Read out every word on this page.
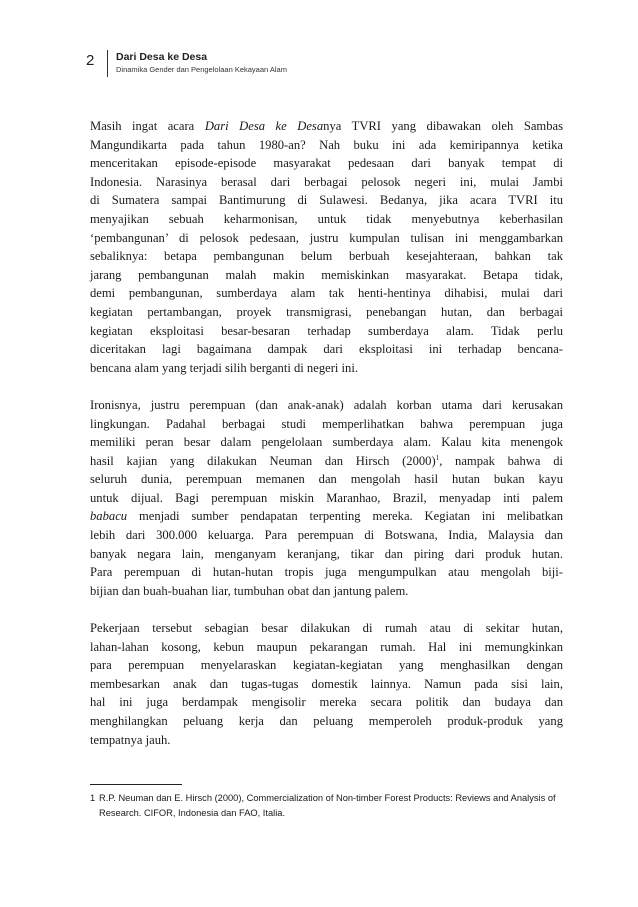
2 Dari Desa ke Desa
Dinamika Gender dan Pengelolaan Kekayaan Alam

Masih ingat acara Dari Desa ke Desanya TVRI yang dibawakan oleh Sambas
Mangundikarta pada tahun 1980-an? Nah buku ini ada kemiripannya ketika
menceritakan episode-episode masyarakat pedesaan dari banyak tempat di
Indonesia. Narasinya berasal dari berbagai pelosok negeri ini, mulai Jambi
di Sumatera sampai Bantimurung di Sulawesi. Bedanya, jika acara TVRI itu
menyajikan sebuah keharmonisan, untuk tidak menyebutnya keberhasilan
‘pembangunan’ di pelosok pedesaan, justru kumpulan tulisan ini menggambarkan
sebaliknya: betapa pembangunan belum berbuah kesejahteraan, bahkan tak
jarang pembangunan malah makin memiskinkan masyarakat. Betapa tidak,
demi pembangunan, sumberdaya alam tak henti-hentinya dihabisi, mulai dari
kegiatan pertambangan, proyek transmigrasi, penebangan hutan, dan berbagai
kegiatan eksploitasi besar-besaran terhadap sumberdaya alam. Tidak perlu
diceritakan lagi bagaimana dampak dari eksploitasi ini terhadap bencana-
bencana alam yang terjadi silih berganti di negeri ini.

Ironisnya, justru perempuan (dan anak-anak) adalah korban utama dari kerusakan
lingkungan. Padahal berbagai studi memperlihatkan bahwa perempuan juga
memiliki peran besar dalam pengelolaan sumberdaya alam. Kalau kita menengok
hasil kajian yang dilakukan Neuman dan Hirsch $(2000)^1$, nampak bahwa di
seluruh dunia, perempuan memanen dan mengolah hasil hutan bukan kayu
untuk dijual. Bagi perempuan miskin Maranhao, Brazil, menyadap inti palem
babacu menjadi sumber pendapatan terpenting mereka. Kegiatan ini melibatkan
lebih dari 300.000 keluarga. Para perempuan di Botswana, India, Malaysia dan
banyak negara lain, menganyam keranjang, tikar dan piring dari produk hutan.
Para perempuan di hutan-hutan tropis juga mengumpulkan atau mengolah biji-
bijian dan buah-buahan liar, tumbuhan obat dan jantung palem.

Pekerjaan tersebut sebagian besar dilakukan di rumah atau di sekitar hutan,
lahan-lahan kosong, kebun maupun pekarangan rumah. Hal ini memungkinkan
para perempuan menyelaraskan kegiatan-kegiatan yang menghasilkan dengan
membesarkan anak dan tugas-tugas domestik lainnya. Namun pada sisi lain,
hal ini juga berdampak mengisolir mereka secara politik dan budaya dan
menghilangkan peluang kerja dan peluang memperoleh produk-produk yang
tempatnya jauh.

1 R.P. Neuman dan E. Hirsch (2000), Commercialization of Non-timber Forest Products: Reviews and Analysis of Research. CIFOR, Indonesia dan FAO, Italia.
